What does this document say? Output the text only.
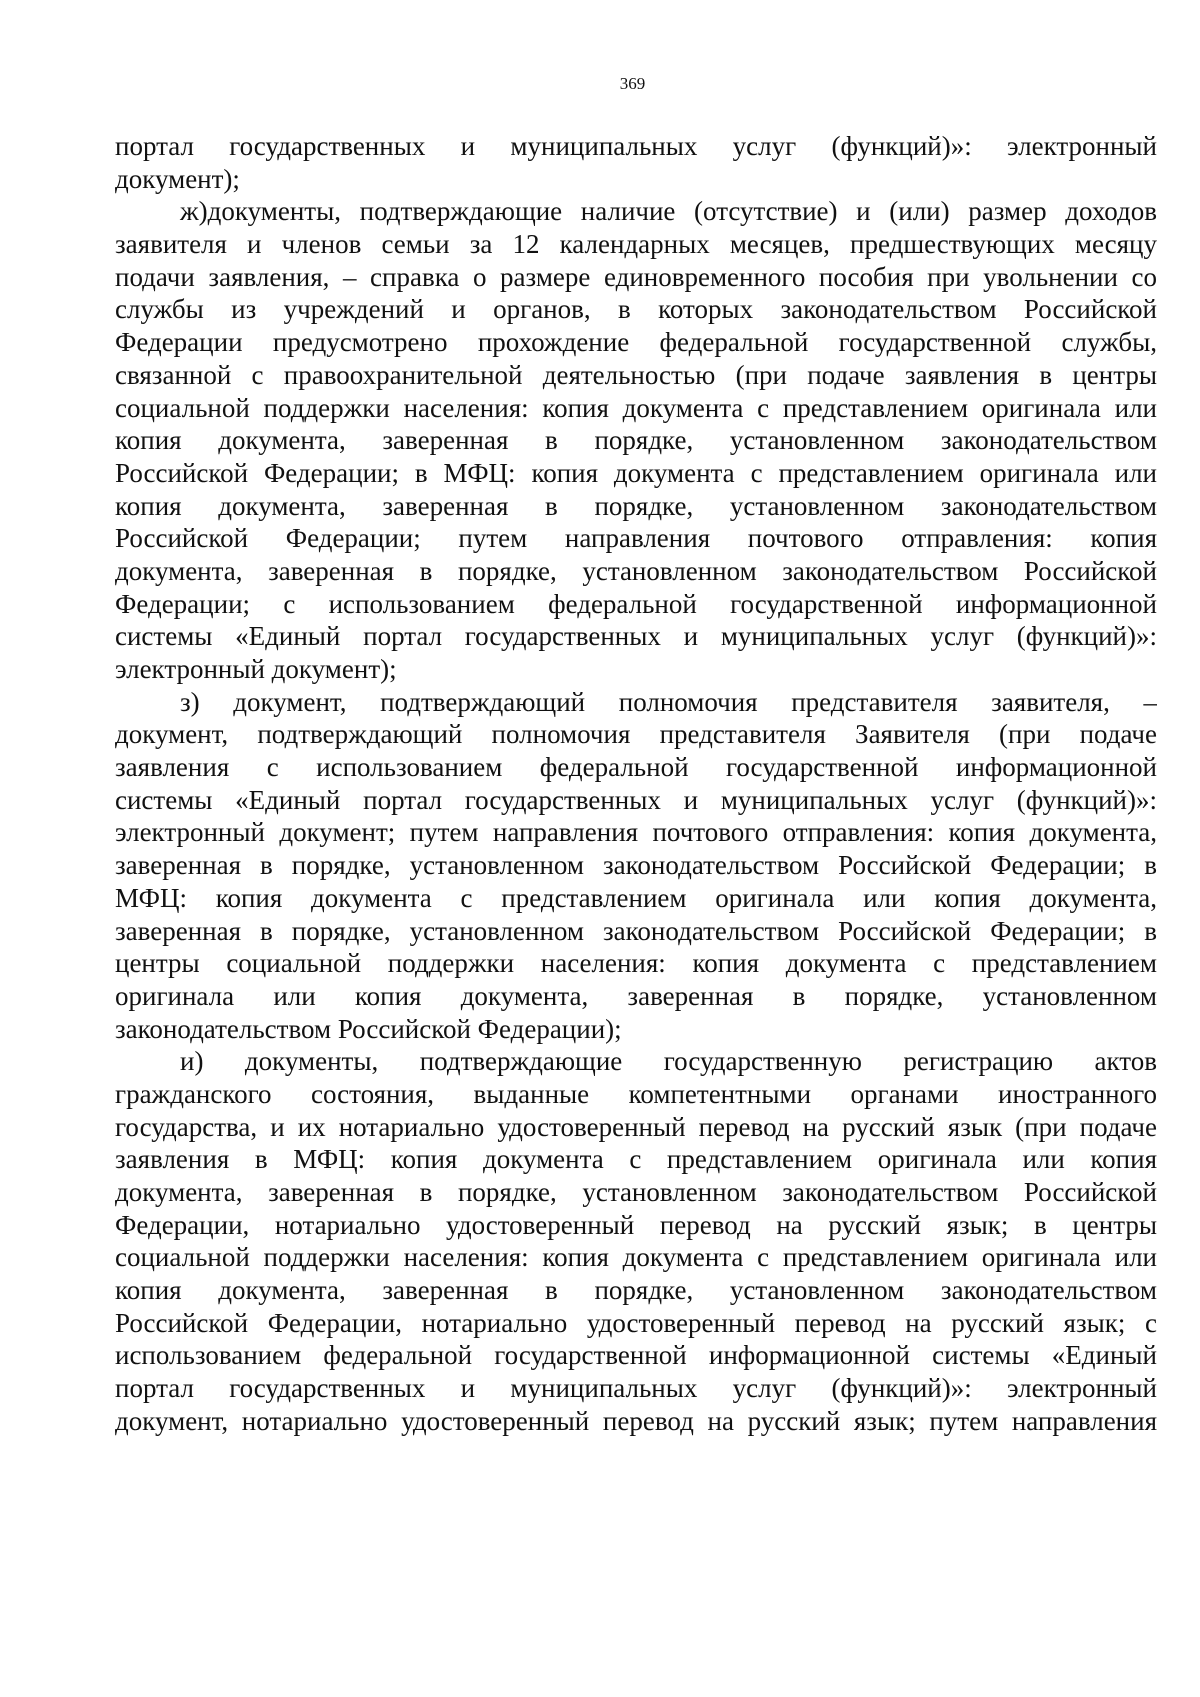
369
портал государственных и муниципальных услуг (функций)»: электронный
документ);
ж)документы, подтверждающие наличие (отсутствие) и (или) размер доходов
заявителя и членов семьи за 12 календарных месяцев, предшествующих месяцу
подачи заявления, – справка о размере единовременного пособия при увольнении со
службы из учреждений и органов, в которых законодательством Российской
Федерации предусмотрено прохождение федеральной государственной службы,
связанной с правоохранительной деятельностью (при подаче заявления в центры
социальной поддержки населения: копия документа с представлением оригинала или
копия документа, заверенная в порядке, установленном законодательством
Российской Федерации; в МФЦ: копия документа с представлением оригинала или
копия документа, заверенная в порядке, установленном законодательством
Российской Федерации; путем направления почтового отправления: копия
документа, заверенная в порядке, установленном законодательством Российской
Федерации; с использованием федеральной государственной информационной
системы «Единый портал государственных и муниципальных услуг (функций)»:
электронный документ);
з) документ, подтверждающий полномочия представителя заявителя, –
документ, подтверждающий полномочия представителя Заявителя (при подаче
заявления с использованием федеральной государственной информационной
системы «Единый портал государственных и муниципальных услуг (функций)»:
электронный документ; путем направления почтового отправления: копия документа,
заверенная в порядке, установленном законодательством Российской Федерации; в
МФЦ: копия документа с представлением оригинала или копия документа,
заверенная в порядке, установленном законодательством Российской Федерации; в
центры социальной поддержки населения: копия документа с представлением
оригинала или копия документа, заверенная в порядке, установленном
законодательством Российской Федерации);
и) документы, подтверждающие государственную регистрацию актов
гражданского состояния, выданные компетентными органами иностранного
государства, и их нотариально удостоверенный перевод на русский язык (при подаче
заявления в МФЦ: копия документа с представлением оригинала или копия
документа, заверенная в порядке, установленном законодательством Российской
Федерации, нотариально удостоверенный перевод на русский язык; в центры
социальной поддержки населения: копия документа с представлением оригинала или
копия документа, заверенная в порядке, установленном законодательством
Российской Федерации, нотариально удостоверенный перевод на русский язык; с
использованием федеральной государственной информационной системы «Единый
портал государственных и муниципальных услуг (функций)»: электронный
документ, нотариально удостоверенный перевод на русский язык; путем направления
